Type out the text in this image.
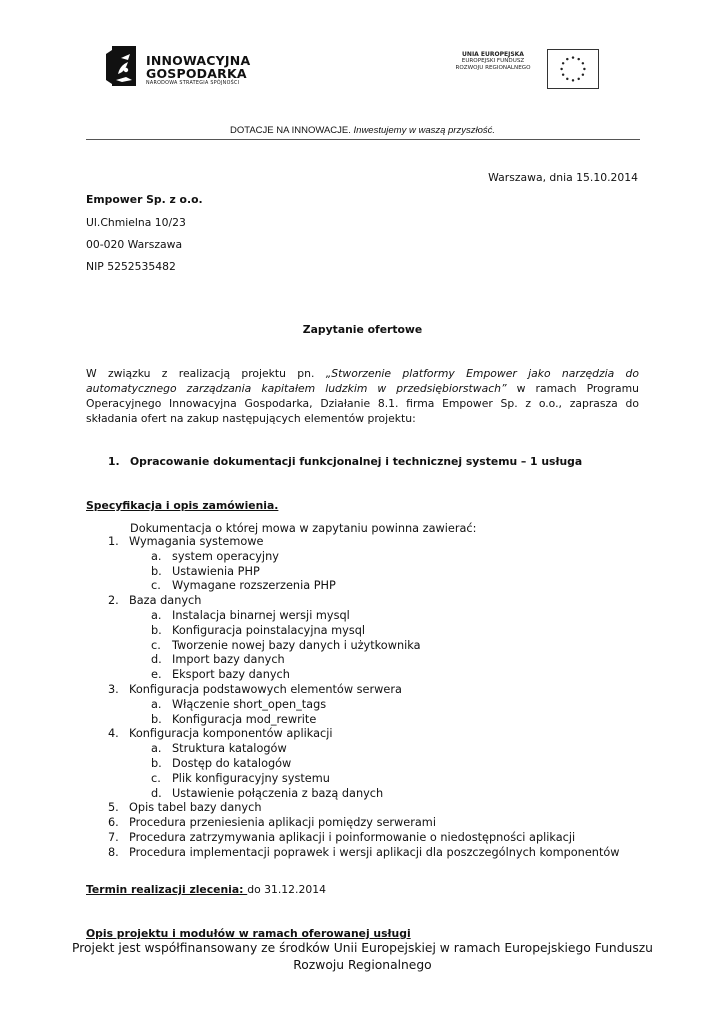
INNOWACYJNA
GOSPODARKA
NARODOWA STRATEGIA SPÓJNOŚCI
UNIA EUROPEJSKA
EUROPEJSKI FUNDUSZ
ROZWOJU REGIONALNEGO
DOTACJE NA INNOWACJE. Inwestujemy w waszą przyszłość.
Warszawa, dnia 15.10.2014
Empower Sp. z o.o.
Ul.Chmielna 10/23
00-020 Warszawa
NIP 5252535482
Zapytanie ofertowe
W związku z realizacją projektu pn. „Stworzenie platformy Empower jako narzędzia do automatycznego zarządzania kapitałem ludzkim w przedsiębiorstwach” w ramach Programu Operacyjnego Innowacyjna Gospodarka, Działanie 8.1. firma Empower Sp. z o.o., zaprasza do składania ofert na zakup następujących elementów projektu:
1. Opracowanie dokumentacji funkcjonalnej i technicznej systemu – 1 usługa
Specyfikacja i opis zamówienia.
Dokumentacja o której mowa w zapytaniu powinna zawierać:
1. Wymagania systemowe
a. system operacyjny
b. Ustawienia PHP
c. Wymagane rozszerzenia PHP
2. Baza danych
a. Instalacja binarnej wersji mysql
b. Konfiguracja poinstalacyjna mysql
c. Tworzenie nowej bazy danych i użytkownika
d. Import bazy danych
e. Eksport bazy danych
3. Konfiguracja podstawowych elementów serwera
a. Włączenie short_open_tags
b. Konfiguracja mod_rewrite
4. Konfiguracja komponentów aplikacji
a. Struktura katalogów
b. Dostęp do katalogów
c. Plik konfiguracyjny systemu
d. Ustawienie połączenia z bazą danych
5. Opis tabel bazy danych
6. Procedura przeniesienia aplikacji pomiędzy serwerami
7. Procedura zatrzymywania aplikacji i poinformowanie o niedostępności aplikacji
8. Procedura implementacji poprawek i wersji aplikacji dla poszczególnych komponentów
Termin realizacji zlecenia: do 31.12.2014
Opis projektu i modułów w ramach oferowanej usługi
Projekt jest współfinansowany ze środków Unii Europejskiej w ramach Europejskiego Funduszu
Rozwoju Regionalnego
